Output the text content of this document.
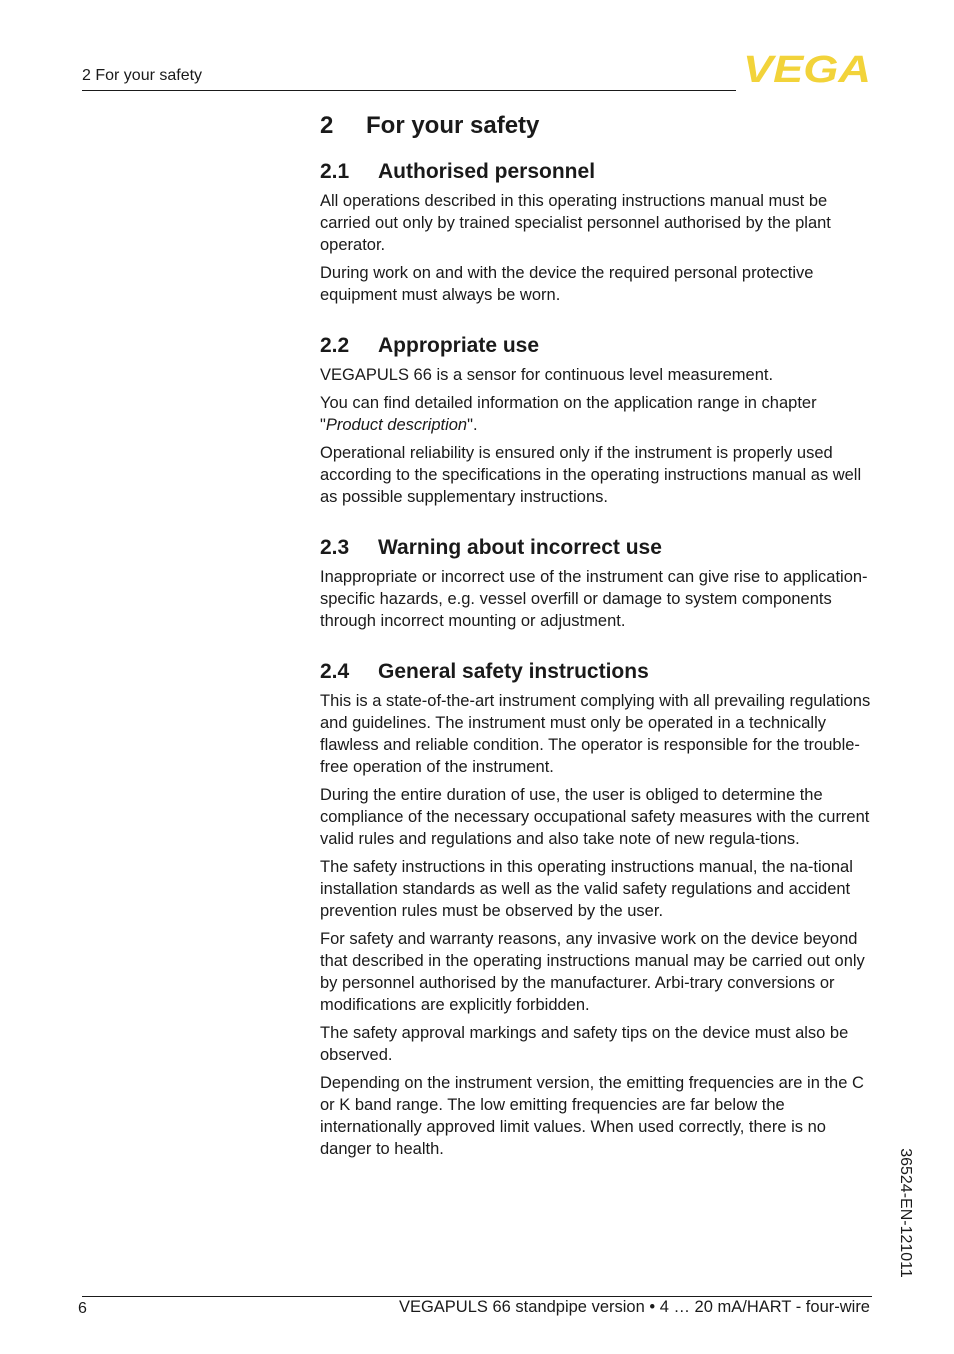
2 For your safety	VEGA
2 For your safety
2.1 Authorised personnel

All operations described in this operating instructions manual must be carried out only by trained specialist personnel authorised by the plant operator.

During work on and with the device the required personal protective equipment must always be worn.

2.2 Appropriate use

VEGAPULS 66 is a sensor for continuous level measurement.

You can find detailed information on the application range in chapter "Product description".

Operational reliability is ensured only if the instrument is properly used according to the specifications in the operating instructions manual as well as possible supplementary instructions.

2.3 Warning about incorrect use

Inappropriate or incorrect use of the instrument can give rise to application-specific hazards, e.g. vessel overfill or damage to system components through incorrect mounting or adjustment.

2.4 General safety instructions

This is a state-of-the-art instrument complying with all prevailing regulations and guidelines. The instrument must only be operated in a technically flawless and reliable condition. The operator is responsible for the trouble-free operation of the instrument.

During the entire duration of use, the user is obliged to determine the compliance of the necessary occupational safety measures with the current valid rules and regulations and also take note of new regula-tions.

The safety instructions in this operating instructions manual, the na-tional installation standards as well as the valid safety regulations and accident prevention rules must be observed by the user.

For safety and warranty reasons, any invasive work on the device beyond that described in the operating instructions manual may be carried out only by personnel authorised by the manufacturer. Arbi-trary conversions or modifications are explicitly forbidden.

The safety approval markings and safety tips on the device must also be observed.

Depending on the instrument version, the emitting frequencies are in the C or K band range. The low emitting frequencies are far below the internationally approved limit values. When used correctly, there is no danger to health.	36524-EN-121011
6	VEGAPULS 66 standpipe version • 4 … 20 mA/HART - four-wire
